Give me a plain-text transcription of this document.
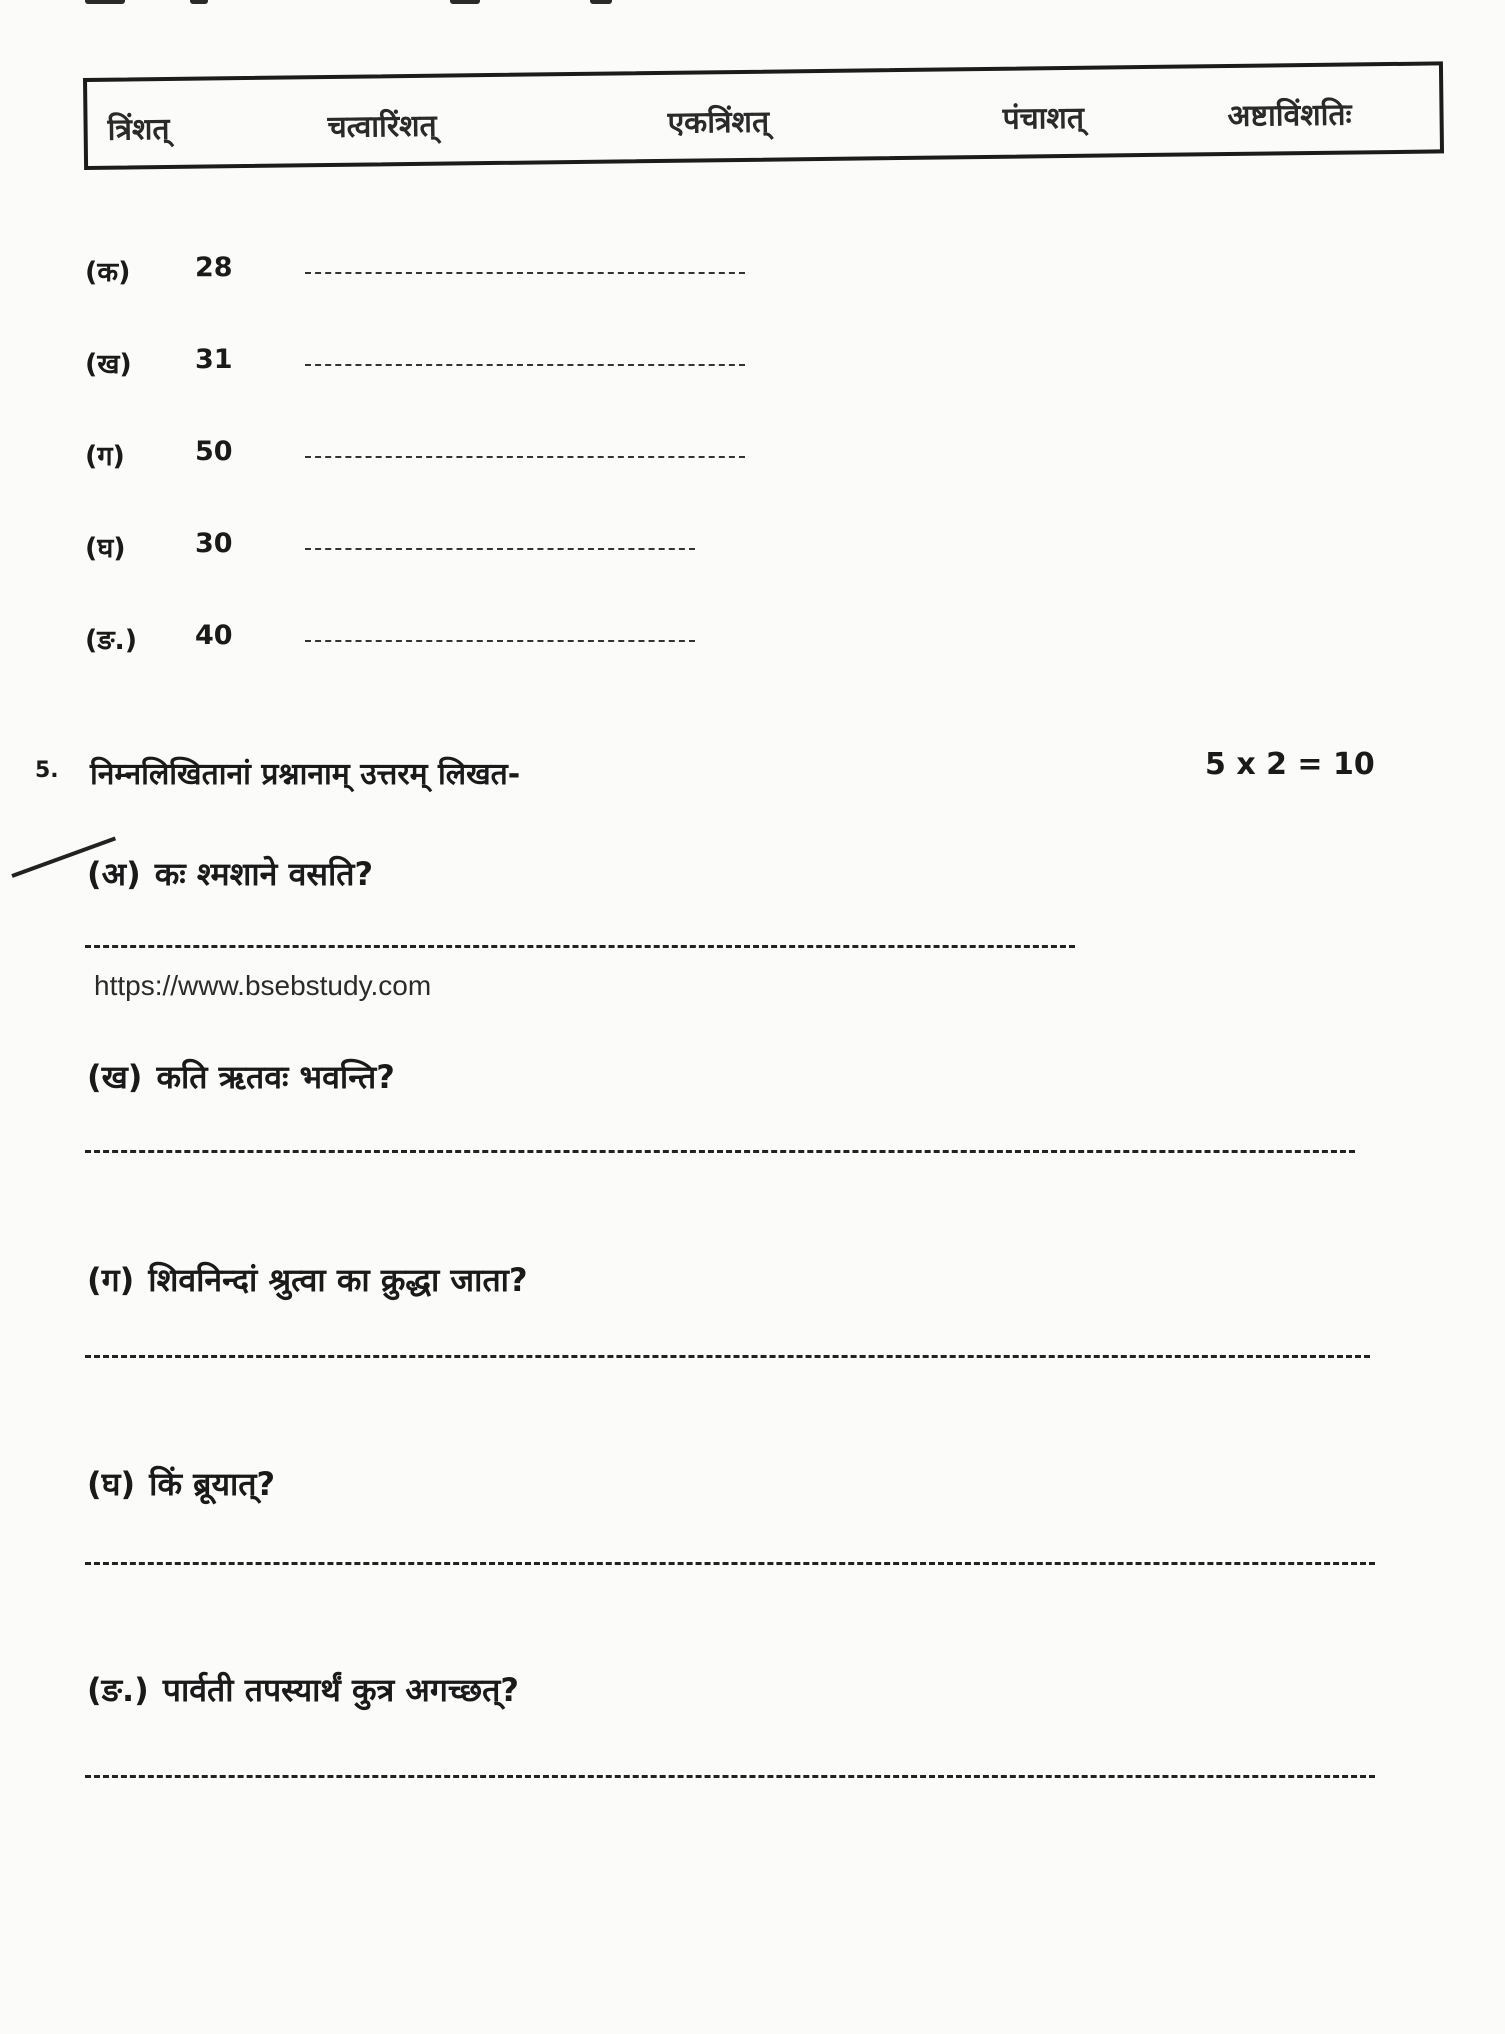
त्रिंशत्	चत्वारिंशत्	एकत्रिंशत्	पंचाशत्	अष्टाविंशतिः
(क) 28
(ख) 31
(ग)	50
(घ)	30
(ङ.) 40
5. निम्नलिखितानां प्रश्नानाम् उत्तरम् लिखत-	5 x 2 = 10
(अ) कः श्मशाने वसति?
https://www.bsebstudy.com
(ख) कति ऋतवः भवन्ति?
(ग) शिवनिन्दां श्रुत्वा का क्रुद्धा जाता?
(घ) किं ब्रूयात्?
(ङ.) पार्वती तपस्यार्थं कुत्र अगच्छत्?
